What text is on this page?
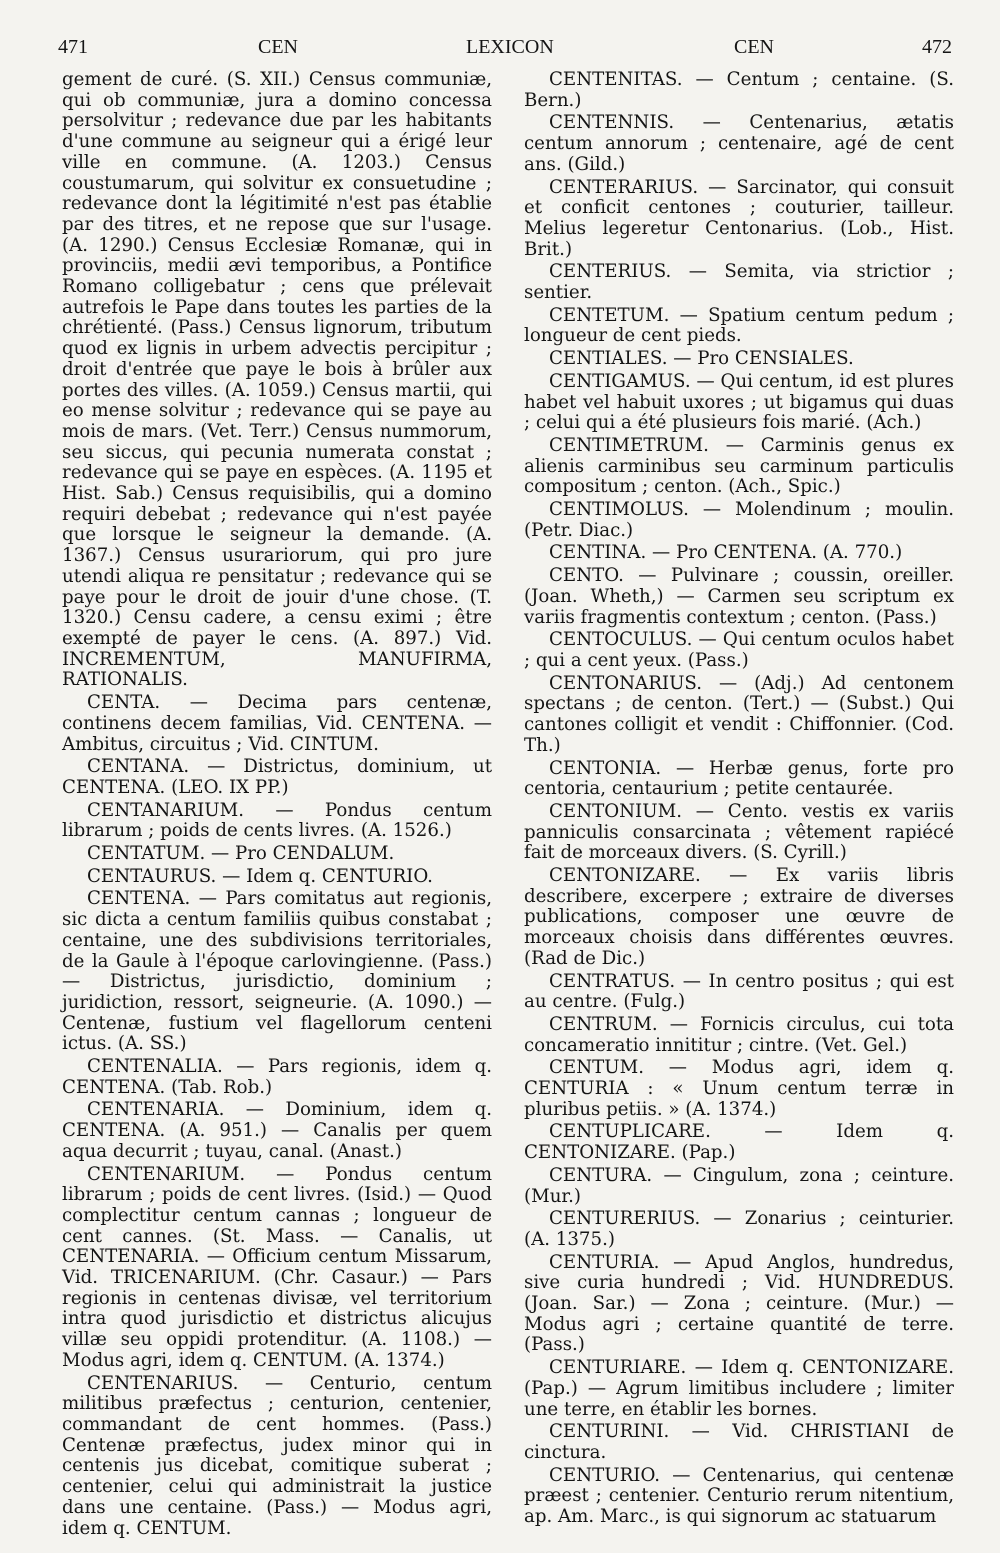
471	CEN	LEXICON	CEN	472

gement de curé. (S. XII.) Census communiæ, qui ob communiæ, jura a domino concessa persolvitur ; redevance due par les habitants d'une commune au seigneur qui a érigé leur ville en commune. (A. 1203.) Census coustumarum, qui solvitur ex consuetudine ; redevance dont la légitimité n'est pas établie par des titres, et ne repose que sur l'usage. (A. 1290.) Census Ecclesiæ Romanæ, qui in provinciis, medii ævi temporibus, a Pontifice Romano colligebatur ; cens que prélevait autrefois le Pape dans toutes les parties de la chrétienté. (Pass.) Census lignorum, tributum quod ex lignis in urbem advectis percipitur ; droit d'entrée que paye le bois à brûler aux portes des villes. (A. 1059.) Census martii, qui eo mense solvitur ; redevance qui se paye au mois de mars. (Vet. Terr.) Census nummorum, seu siccus, qui pecunia numerata constat ; redevance qui se paye en espèces. (A. 1195 et Hist. Sab.) Census requisibilis, qui a domino requiri debebat ; redevance qui n'est payée que lorsque le seigneur la demande. (A. 1367.) Census usurariorum, qui pro jure utendi aliqua re pensitatur ; redevance qui se paye pour le droit de jouir d'une chose. (T. 1320.) Censu cadere, a censu eximi ; être exempté de payer le cens. (A. 897.) Vid. INCREMENTUM, MANUFIRMA, RATIONALIS.

CENTA. — Decima pars centenæ, continens decem familias, Vid. CENTENA. — Ambitus, circuitus ; Vid. CINTUM.

CENTANA. — Districtus, dominium, ut CENTENA. (LEO. IX PP.)

CENTANARIUM. — Pondus centum librarum ; poids de cents livres. (A. 1526.)

CENTATUM. — Pro CENDALUM.

CENTAURUS. — Idem q. CENTURIO.

CENTENA. — Pars comitatus aut regionis, sic dicta a centum familiis quibus constabat ; centaine, une des subdivisions territoriales, de la Gaule à l'époque carlovingienne. (Pass.) — Districtus, jurisdictio, dominium ; juridiction, ressort, seigneurie. (A. 1090.) — Centenæ, fustium vel flagellorum centeni ictus. (A. SS.)

CENTENALIA. — Pars regionis, idem q. CENTENA. (Tab. Rob.)

CENTENARIA. — Dominium, idem q. CENTENA. (A. 951.) — Canalis per quem aqua decurrit ; tuyau, canal. (Anast.)

CENTENARIUM. — Pondus centum librarum ; poids de cent livres. (Isid.) — Quod complectitur centum cannas ; longueur de cent cannes. (St. Mass. — Canalis, ut CENTENARIA. — Officium centum Missarum, Vid. TRICENARIUM. (Chr. Casaur.) — Pars regionis in centenas divisæ, vel territorium intra quod jurisdictio et districtus alicujus villæ seu oppidi protenditur. (A. 1108.) — Modus agri, idem q. CENTUM. (A. 1374.)

CENTENARIUS. — Centurio, centum militibus præfectus ; centurion, centenier, commandant de cent hommes. (Pass.) Centenæ præfectus, judex minor qui in centenis jus dicebat, comitique suberat ; centenier, celui qui administrait la justice dans une centaine. (Pass.) — Modus agri, idem q. CENTUM.

CENTENITAS. — Centum ; centaine. (S. Bern.)

CENTENNIS. — Centenarius, ætatis centum annorum ; centenaire, agé de cent ans. (Gild.)

CENTERARIUS. — Sarcinator, qui consuit et conficit centones ; couturier, tailleur. Melius legeretur Centonarius. (Lob., Hist. Brit.)

CENTERIUS. — Semita, via strictior ; sentier.

CENTETUM. — Spatium centum pedum ; longueur de cent pieds.

CENTIALES. — Pro CENSIALES.

CENTIGAMUS. — Qui centum, id est plures habet vel habuit uxores ; ut bigamus qui duas ; celui qui a été plusieurs fois marié. (Ach.)

CENTIMETRUM. — Carminis genus ex alienis carminibus seu carminum particulis compositum ; centon. (Ach., Spic.)

CENTIMOLUS. — Molendinum ; moulin. (Petr. Diac.)

CENTINA. — Pro CENTENA. (A. 770.)

CENTO. — Pulvinare ; coussin, oreiller. (Joan. Wheth,) — Carmen seu scriptum ex variis fragmentis contextum ; centon. (Pass.)

CENTOCULUS. — Qui centum oculos habet ; qui a cent yeux. (Pass.)

CENTONARIUS. — (Adj.) Ad centonem spectans ; de centon. (Tert.) — (Subst.) Qui cantones colligit et vendit : Chiffonnier. (Cod. Th.)

CENTONIA. — Herbæ genus, forte pro centoria, centaurium ; petite centaurée.

CENTONIUM. — Cento. vestis ex variis panniculis consarcinata ; vêtement rapiécé fait de morceaux divers. (S. Cyrill.)

CENTONIZARE. — Ex variis libris describere, excerpere ; extraire de diverses publications, composer une œuvre de morceaux choisis dans différentes œuvres. (Rad de Dic.)

CENTRATUS. — In centro positus ; qui est au centre. (Fulg.)

CENTRUM. — Fornicis circulus, cui tota concameratio innititur ; cintre. (Vet. Gel.)

CENTUM. — Modus agri, idem q. CENTURIA : « Unum centum terræ in pluribus petiis. » (A. 1374.)

CENTUPLICARE. — Idem q. CENTONIZARE. (Pap.)

CENTURA. — Cingulum, zona ; ceinture. (Mur.)

CENTURERIUS. — Zonarius ; ceinturier. (A. 1375.)

CENTURIA. — Apud Anglos, hundredus, sive curia hundredi ; Vid. HUNDREDUS. (Joan. Sar.) — Zona ; ceinture. (Mur.) — Modus agri ; certaine quantité de terre. (Pass.)

CENTURIARE. — Idem q. CENTONIZARE. (Pap.) — Agrum limitibus includere ; limiter une terre, en établir les bornes.

CENTURINI. — Vid. CHRISTIANI de cinctura.

CENTURIO. — Centenarius, qui centenæ præest ; centenier. Centurio rerum nitentium, ap. Am. Marc., is qui signorum ac statuarum
